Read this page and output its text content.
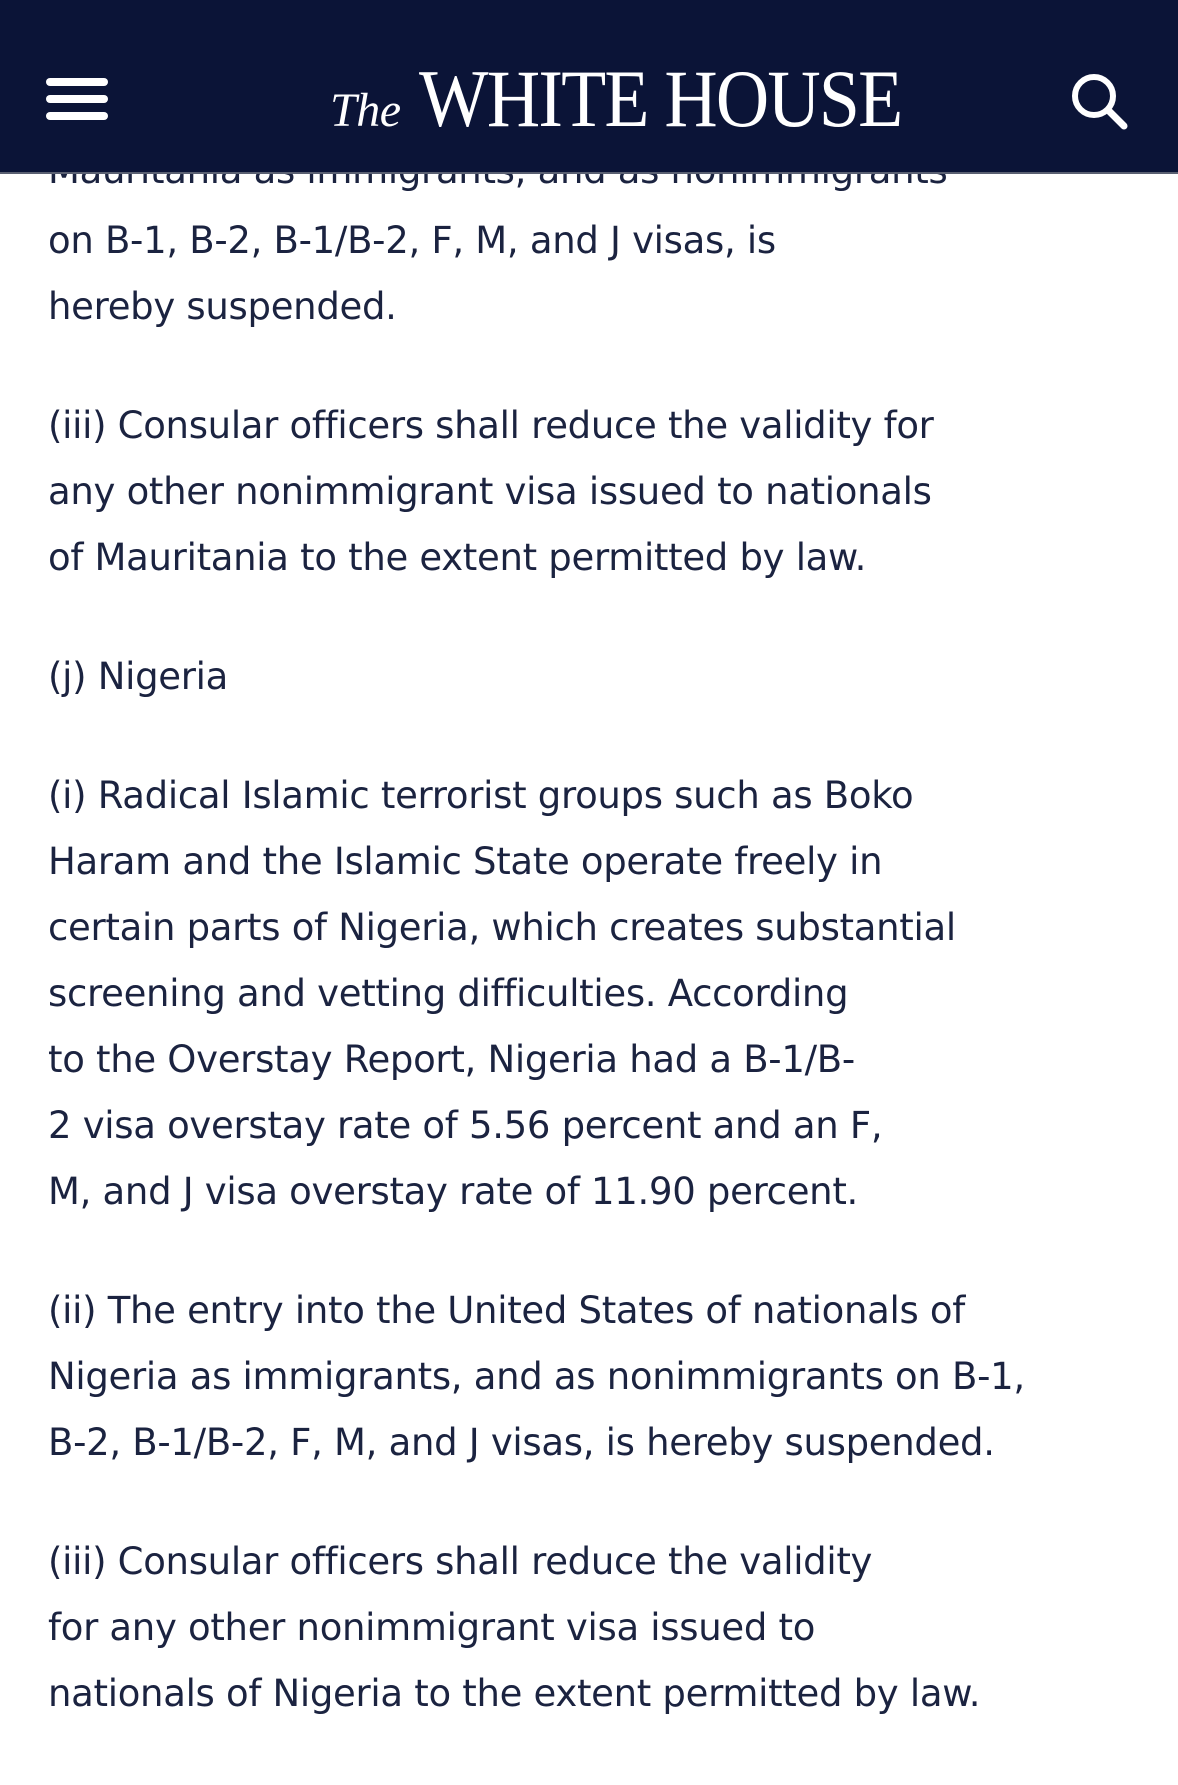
on B-1, B-2, B-1/B-2, F, M, and J visas, is
hereby suspended.
(iii) Consular officers shall reduce the validity for
any other nonimmigrant visa issued to nationals
of Mauritania to the extent permitted by law.
(j) Nigeria
(i) Radical Islamic terrorist groups such as Boko
Haram and the Islamic State operate freely in
certain parts of Nigeria, which creates substantial
screening and vetting difficulties. According
to the Overstay Report, Nigeria had a B-1/B-
2 visa overstay rate of 5.56 percent and an F,
M, and J visa overstay rate of 11.90 percent.
(ii) The entry into the United States of nationals of
Nigeria as immigrants, and as nonimmigrants on B-1,
B-2, B-1/B-2, F, M, and J visas, is hereby suspended.
(iii) Consular officers shall reduce the validity
for any other nonimmigrant visa issued to
nationals of Nigeria to the extent permitted by law.
The WHITE HOUSE
